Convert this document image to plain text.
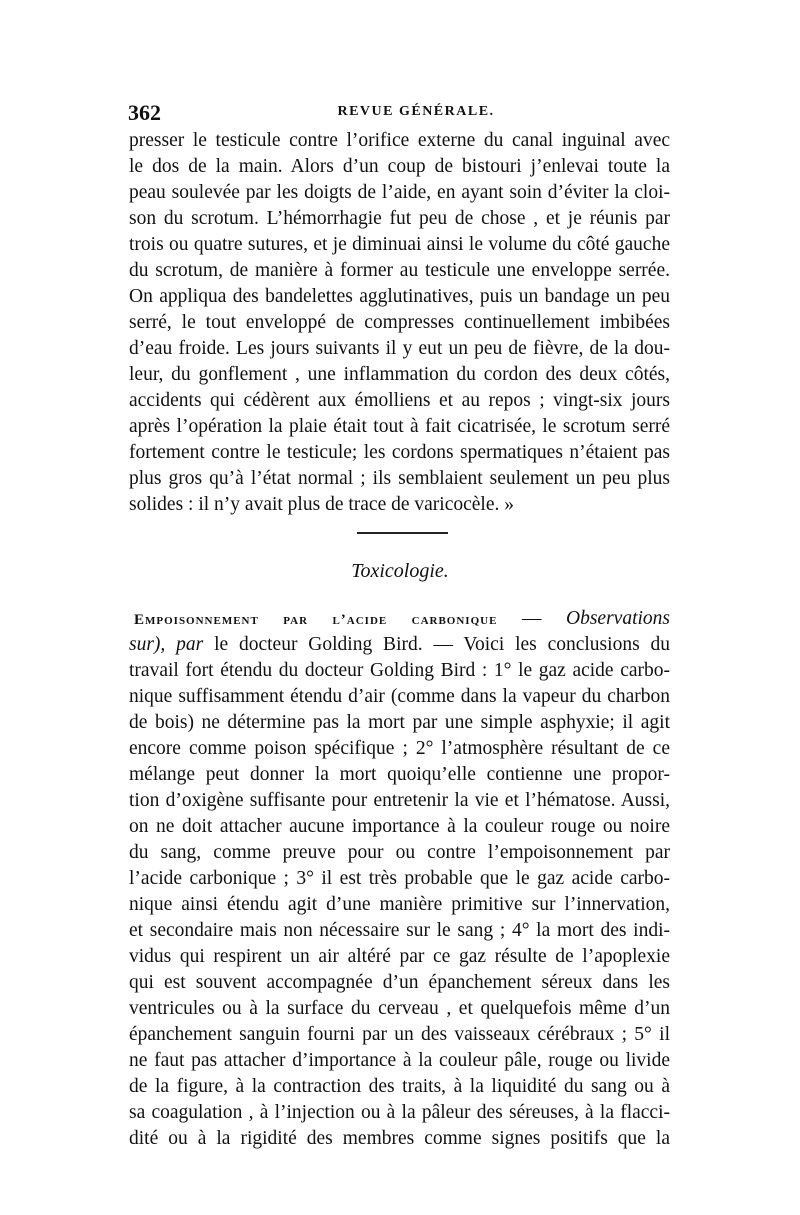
362	REVUE GÉNÉRALE.
presser le testicule contre l’orifice externe du canal inguinal avec
le dos de la main. Alors d’un coup de bistouri j’enlevai toute la
peau soulevée par les doigts de l’aide, en ayant soin d’éviter la cloi-
son du scrotum. L’hémorrhagie fut peu de chose , et je réunis par
trois ou quatre sutures, et je diminuai ainsi le volume du côté gauche
du scrotum, de manière à former au testicule une enveloppe serrée.
On appliqua des bandelettes agglutinatives, puis un bandage un peu
serré, le tout enveloppé de compresses continuellement imbibées
d’eau froide. Les jours suivants il y eut un peu de fièvre, de la dou-
leur, du gonflement , une inflammation du cordon des deux côtés,
accidents qui cédèrent aux émolliens et au repos ; vingt-six jours
après l’opération la plaie était tout à fait cicatrisée, le scrotum serré
fortement contre le testicule; les cordons spermatiques n’étaient pas
plus gros qu’à l’état normal ; ils semblaient seulement un peu plus
solides : il n’y avait plus de trace de varicocèle. »
Toxicologie.
Empoisonnement par l’acide carbonique — Observations
sur), par le docteur Golding Bird. — Voici les conclusions du
travail fort étendu du docteur Golding Bird : 1° le gaz acide carbo-
nique suffisamment étendu d’air (comme dans la vapeur du charbon
de bois) ne détermine pas la mort par une simple asphyxie; il agit
encore comme poison spécifique ; 2° l’atmosphère résultant de ce
mélange peut donner la mort quoiqu’elle contienne une propor-
tion d’oxigène suffisante pour entretenir la vie et l’hématose. Aussi,
on ne doit attacher aucune importance à la couleur rouge ou noire
du sang, comme preuve pour ou contre l’empoisonnement par
l’acide carbonique ; 3° il est très probable que le gaz acide carbo-
nique ainsi étendu agit d’une manière primitive sur l’innervation,
et secondaire mais non nécessaire sur le sang ; 4° la mort des indi-
vidus qui respirent un air altéré par ce gaz résulte de l’apoplexie
qui est souvent accompagnée d’un épanchement séreux dans les
ventricules ou à la surface du cerveau , et quelquefois même d’un
épanchement sanguin fourni par un des vaisseaux cérébraux ; 5° il
ne faut pas attacher d’importance à la couleur pâle, rouge ou livide
de la figure, à la contraction des traits, à la liquidité du sang ou à
sa coagulation , à l’injection ou à la pâleur des séreuses, à la flacci-
dité ou à la rigidité des membres comme signes positifs que la
